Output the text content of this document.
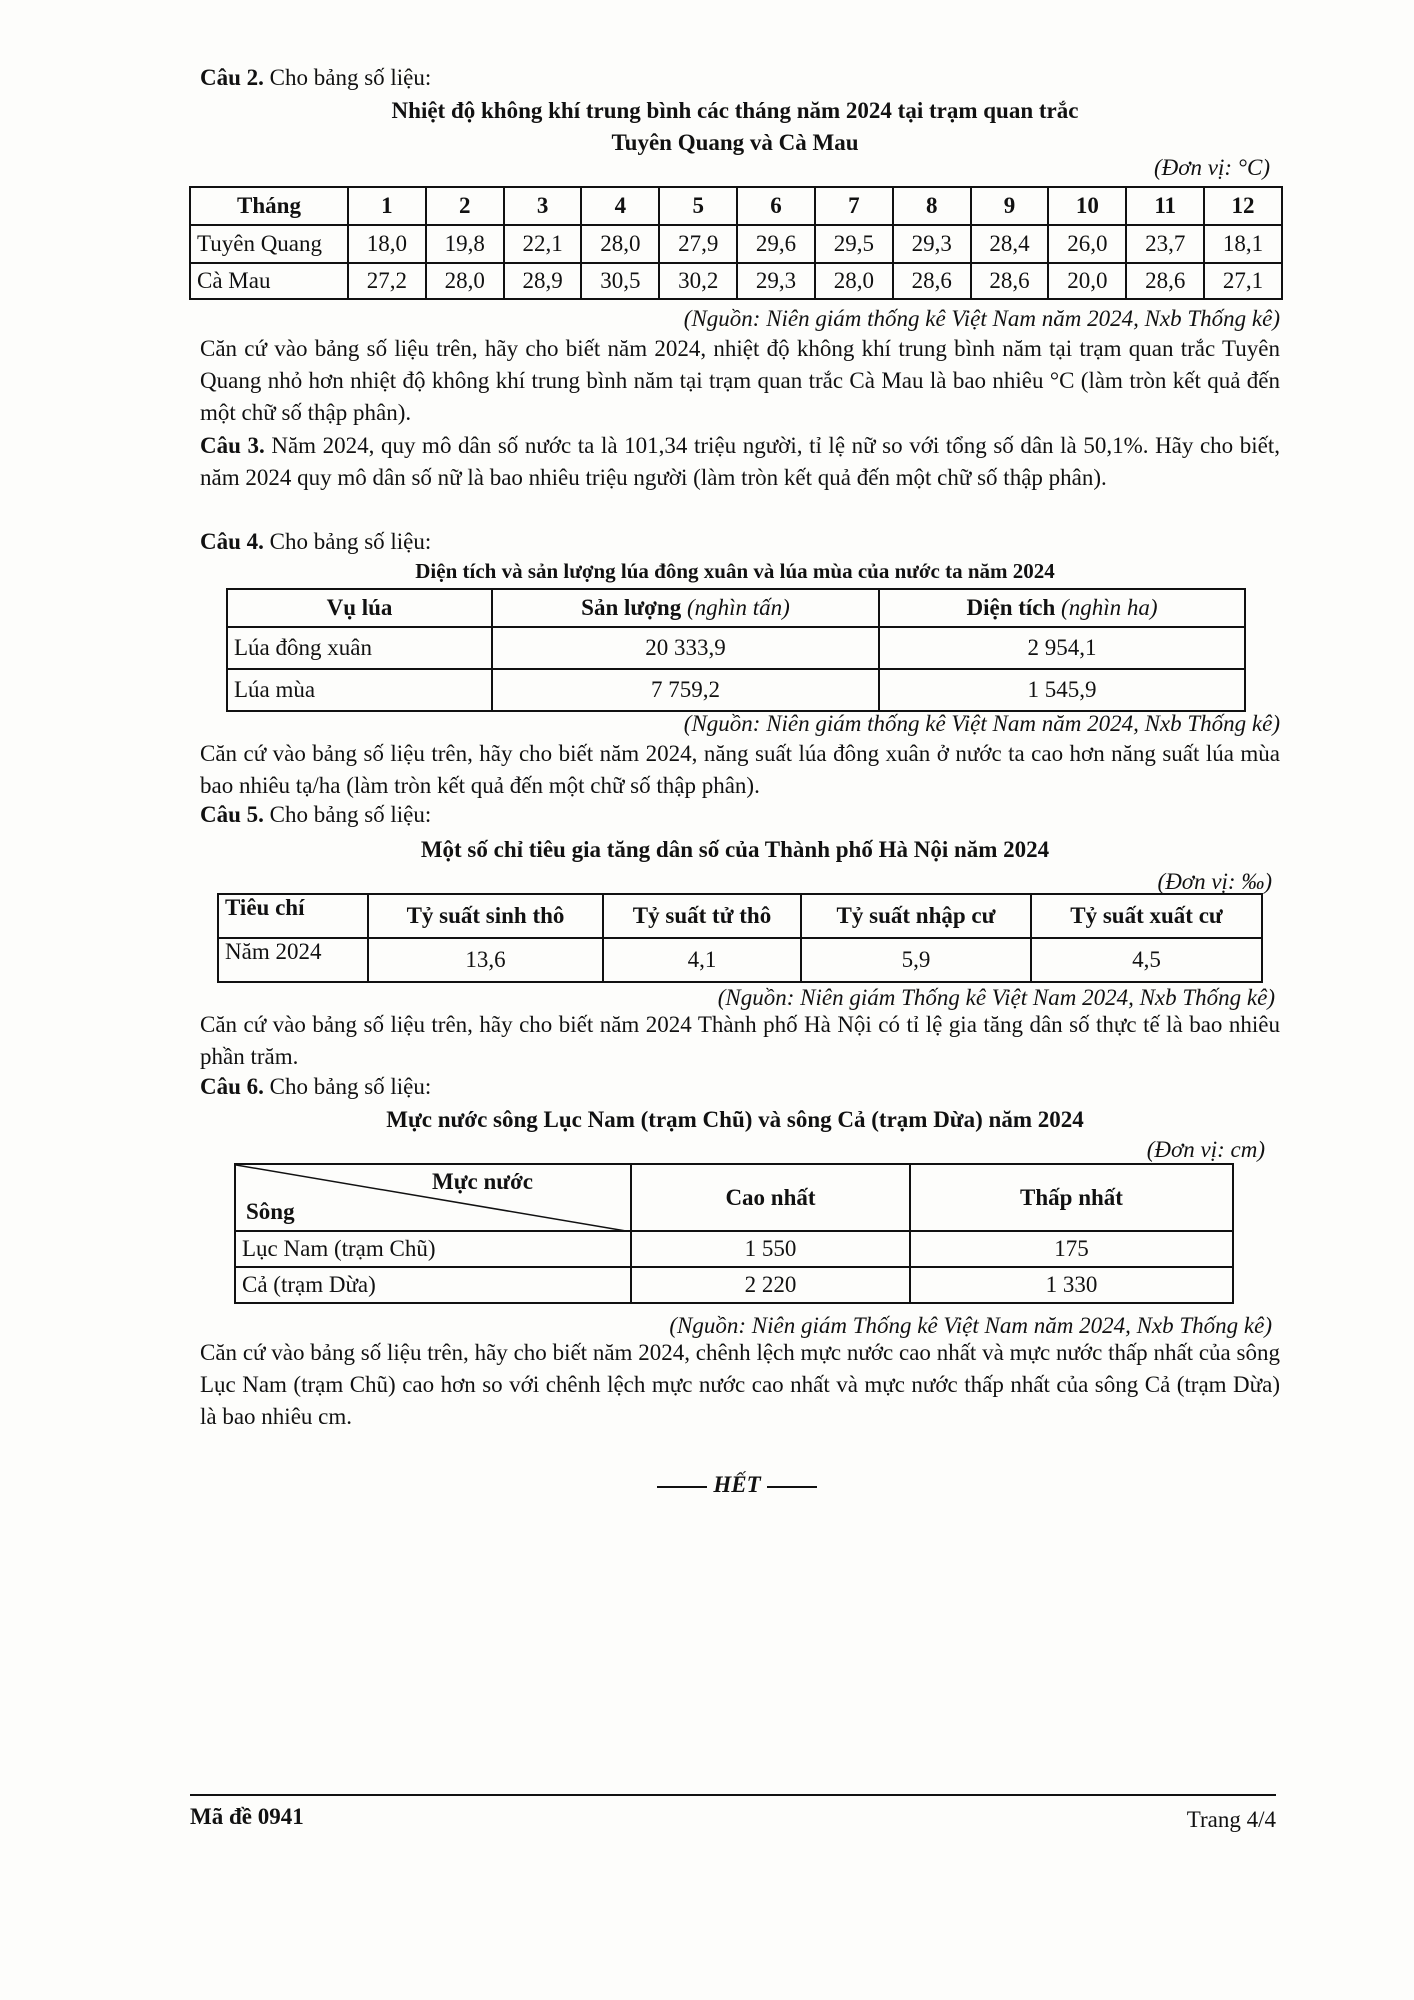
Câu 2. Cho bảng số liệu:
Nhiệt độ không khí trung bình các tháng năm 2024 tại trạm quan trắc
Tuyên Quang và Cà Mau
(Đơn vị: °C)
Tháng	1	2	3	4	5	6	7	8	9	10	11	12
Tuyên Quang	18,0	19,8	22,1	28,0	27,9	29,6	29,5	29,3	28,4	26,0	23,7	18,1
Cà Mau	27,2	28,0	28,9	30,5	30,2	29,3	28,0	28,6	28,6	20,0	28,6	27,1
(Nguồn: Niên giám thống kê Việt Nam năm 2024, Nxb Thống kê)
Căn cứ vào bảng số liệu trên, hãy cho biết năm 2024, nhiệt độ không khí trung bình năm tại trạm quan trắc Tuyên Quang nhỏ hơn nhiệt độ không khí trung bình năm tại trạm quan trắc Cà Mau là bao nhiêu °C (làm tròn kết quả đến một chữ số thập phân).
Câu 3. Năm 2024, quy mô dân số nước ta là 101,34 triệu người, tỉ lệ nữ so với tổng số dân là 50,1%. Hãy cho biết, năm 2024 quy mô dân số nữ là bao nhiêu triệu người (làm tròn kết quả đến một chữ số thập phân).
Câu 4. Cho bảng số liệu:
Diện tích và sản lượng lúa đông xuân và lúa mùa của nước ta năm 2024
Vụ lúa	Sản lượng (nghìn tấn)	Diện tích (nghìn ha)
Lúa đông xuân	20 333,9	2 954,1
Lúa mùa	7 759,2	1 545,9
(Nguồn: Niên giám thống kê Việt Nam năm 2024, Nxb Thống kê)
Căn cứ vào bảng số liệu trên, hãy cho biết năm 2024, năng suất lúa đông xuân ở nước ta cao hơn năng suất lúa mùa bao nhiêu tạ/ha (làm tròn kết quả đến một chữ số thập phân).
Câu 5. Cho bảng số liệu:
Một số chỉ tiêu gia tăng dân số của Thành phố Hà Nội năm 2024
(Đơn vị: ‰)
Tiêu chí	Tỷ suất sinh thô	Tỷ suất tử thô	Tỷ suất nhập cư	Tỷ suất xuất cư
Năm 2024	13,6	4,1	5,9	4,5
(Nguồn: Niên giám Thống kê Việt Nam 2024, Nxb Thống kê)
Căn cứ vào bảng số liệu trên, hãy cho biết năm 2024 Thành phố Hà Nội có tỉ lệ gia tăng dân số thực tế là bao nhiêu phần trăm.
Câu 6. Cho bảng số liệu:
Mực nước sông Lục Nam (trạm Chũ) và sông Cả (trạm Dừa) năm 2024
(Đơn vị: cm)
Mực nước
Sông	Cao nhất	Thấp nhất
Lục Nam (trạm Chũ)	1 550	175
Cả (trạm Dừa)	2 220	1 330
(Nguồn: Niên giám Thống kê Việt Nam năm 2024, Nxb Thống kê)
Căn cứ vào bảng số liệu trên, hãy cho biết năm 2024, chênh lệch mực nước cao nhất và mực nước thấp nhất của sông Lục Nam (trạm Chũ) cao hơn so với chênh lệch mực nước cao nhất và mực nước thấp nhất của sông Cả (trạm Dừa) là bao nhiêu cm.
HẾT
Mã đề 0941	Trang 4/4
